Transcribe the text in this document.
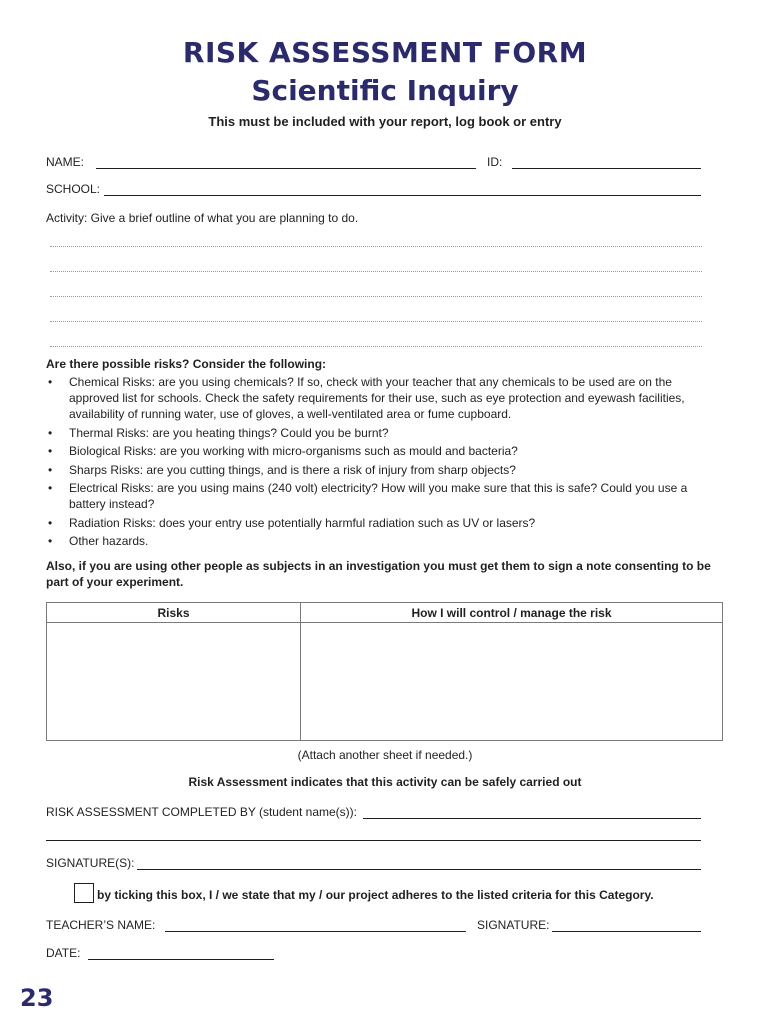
RISK ASSESSMENT FORM
Scientific Inquiry
This must be included with your report, log book or entry
NAME:	ID:
SCHOOL:
Activity: Give a brief outline of what you are planning to do.
Are there possible risks? Consider the following:
• Chemical Risks: are you using chemicals? If so, check with your teacher that any chemicals to be used are on the approved list for schools. Check the safety requirements for their use, such as eye protection and eyewash facilities, availability of running water, use of gloves, a well-ventilated area or fume cupboard.
• Thermal Risks: are you heating things? Could you be burnt?
• Biological Risks: are you working with micro-organisms such as mould and bacteria?
• Sharps Risks: are you cutting things, and is there a risk of injury from sharp objects?
• Electrical Risks: are you using mains (240 volt) electricity? How will you make sure that this is safe? Could you use a battery instead?
• Radiation Risks: does your entry use potentially harmful radiation such as UV or lasers?
• Other hazards.
Also, if you are using other people as subjects in an investigation you must get them to sign a note consenting to be part of your experiment.
Risks	How I will control / manage the risk

(Attach another sheet if needed.)
Risk Assessment indicates that this activity can be safely carried out
RISK ASSESSMENT COMPLETED BY (student name(s)):
SIGNATURE(S):
by ticking this box, I / we state that my / our project adheres to the listed criteria for this Category.
TEACHER’S NAME:	SIGNATURE:
DATE:
23
